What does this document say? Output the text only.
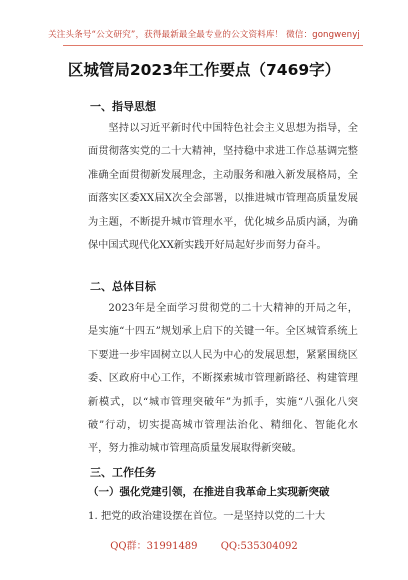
关注头条号“公文研究”，获得最新最全最专业的公文资料库！ 微信：gongwenyj
区城管局2023年工作要点（7469字）
一、指导思想
坚持以习近平新时代中国特色社会主义思想为指导，全面贯彻落实党的二十大精神，坚持稳中求进工作总基调完整准确全面贯彻新发展理念，主动服务和融入新发展格局，全面落实区委XX届X次全会部署，以推进城市管理高质量发展为主题，不断提升城市管理水平，优化城乡品质内涵，为确保中国式现代化XX新实践开好局起好步而努力奋斗。
二、总体目标
2023年是全面学习贯彻党的二十大精神的开局之年，是实施“十四五”规划承上启下的关键一年。全区城管系统上下要进一步牢固树立以人民为中心的发展思想，紧紧围绕区委、区政府中心工作，不断探索城市管理新路径、构建管理新模式，以“城市管理突破年”为抓手，实施“八强化八突破”行动，切实提高城市管理法治化、精细化、智能化水平，努力推动城市管理高质量发展取得新突破。
三、工作任务
（一）强化党建引领，在推进自我革命上实现新突破
1. 把党的政治建设摆在首位。一是坚持以党的二十大
QQ群：31991489 QQ:535304092
